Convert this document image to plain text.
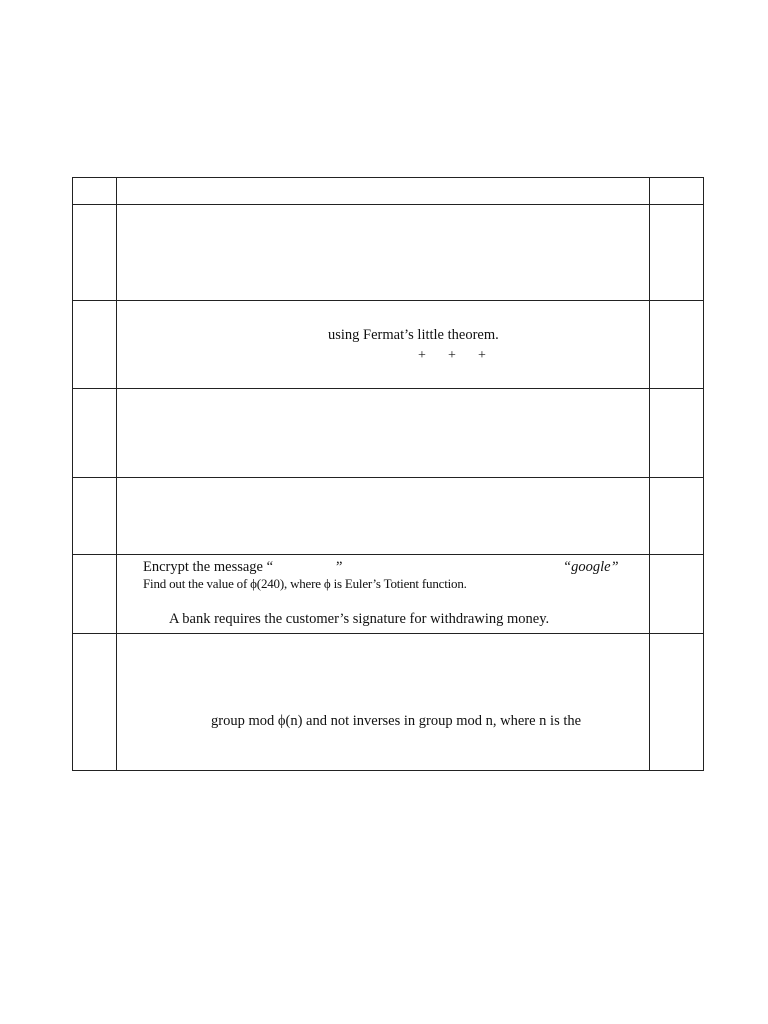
using Fermat’s little theorem.
+ + +
Encrypt the message “	”	“google”
Find out the value of ϕ(240), where ϕ is Euler’s Totient function.
A bank requires the customer’s signature for withdrawing money.
group mod ϕ(n) and not inverses in group mod n, where n is the
